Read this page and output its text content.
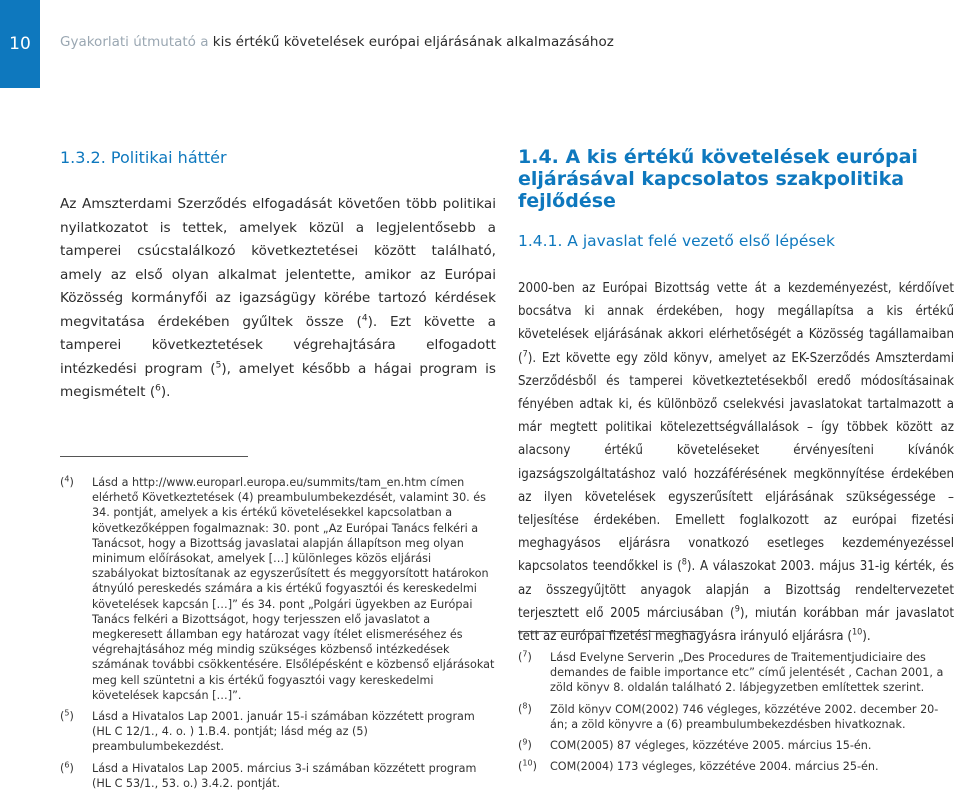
10 Gyakorlati útmutató a kis értékű követelések európai eljárásának alkalmazásához
1.3.2. Politikai háttér

Az Amszterdami Szerződés elfogadását követően több politikai nyilatkozatot is tettek, amelyek közül a legjelentősebb a tamperei csúcstalálkozó következtetései között található, amely az első olyan alkalmat jelentette, amikor az Európai Közösség kormányfői az igazságügy körébe tartozó kérdések megvitatása érdekében gyűltek össze ($^4$). Ezt követte a tamperei következtetések végrehajtására elfogadott intézkedési program ($^5$), amelyet később a hágai program is megismételt ($^6$).

($^4$)	Lásd a http://www.europarl.europa.eu/summits/tam_en.htm címen elérhető Következtetések (4) preambulumbekezdését, valamint 30. és 34. pontját, amelyek a kis értékű követelésekkel kapcsolatban a következőképpen fogalmaznak: 30. pont „Az Európai Tanács felkéri a Tanácsot, hogy a Bizottság javaslatai alapján állapítson meg olyan minimum előírásokat, amelyek […] különleges közös eljárási szabályokat biztosítanak az egyszerűsített és meggyorsított határokon átnyúló pereskedés számára a kis értékű fogyasztói és kereskedelmi követelések kapcsán […]” és 34. pont „Polgári ügyekben az Európai Tanács felkéri a Bizottságot, hogy terjesszen elő javaslatot a megkeresett államban egy határozat vagy ítélet elismeréséhez és végrehajtásához még mindig szükséges közbenső intézkedések számának további csökkentésére. Elsőlépésként e közbenső eljárásokat meg kell szüntetni a kis értékű fogyasztói vagy kereskedelmi követelések kapcsán […]”.
($^5$)	Lásd a Hivatalos Lap 2001. január 15-i számában közzétett program (HL C 12/1., 4. o. ) 1.B.4. pontját; lásd még az (5) preambulumbekezdést.
($^6$)	Lásd a Hivatalos Lap 2005. március 3-i számában közzétett program (HL C 53/1., 53. o.) 3.4.2. pontját.
1.4. A kis értékű követelések európai eljárásával kapcsolatos szakpolitika fejlődése
1.4.1. A javaslat felé vezető első lépések

2000-ben az Európai Bizottság vette át a kezdeményezést, kérdőívet bocsátva ki annak érdekében, hogy megállapítsa a kis értékű követelések eljárásának akkori elérhetőségét a Közösség tagállamaiban ($^7$). Ezt követte egy zöld könyv, amelyet az EK-Szerződés Amszterdami Szerződésből és tamperei következtetésekből eredő módosításainak fényében adtak ki, és különböző cselekvési javaslatokat tartalmazott a már megtett politikai kötelezettségvállalások – így többek között az alacsony értékű követeléseket érvényesíteni kívánók igazságszolgáltatáshoz való hozzáférésének megkönnyítése érdekében az ilyen követelések egyszerűsített eljárásának szükségessége – teljesítése érdekében. Emellett foglalkozott az európai fizetési meghagyásos eljárásra vonatkozó esetleges kezdeményezéssel kapcsolatos teendőkkel is ($^8$). A válaszokat 2003. május 31-ig kérték, és az összegyűjtött anyagok alapján a Bizottság rendeltervezetet terjesztett elő 2005 márciusában ($^9$), miután korábban már javaslatot tett az európai fizetési meghagyásra irányuló eljárásra ($^{10}$).

($^7$)	Lásd Evelyne Serverin „Des Procedures de Traitementjudiciaire des demandes de faible importance etc” című jelentését , Cachan 2001, a zöld könyv 8. oldalán található 2. lábjegyzetben említettek szerint.
($^8$)	Zöld könyv COM(2002) 746 végleges, közzétéve 2002. december 20-án; a zöld könyvre a (6) preambulumbekezdésben hivatkoznak.
($^9$)	COM(2005) 87 végleges, közzétéve 2005. március 15-én.
($^{10}$)	COM(2004) 173 végleges, közzétéve 2004. március 25-én.
